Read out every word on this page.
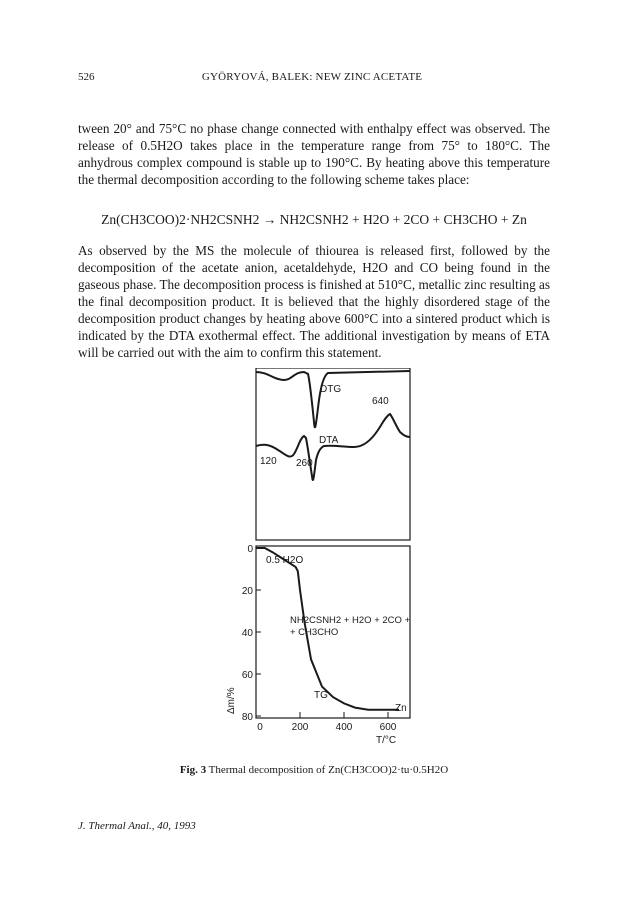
526	GYÖRYOVÁ, BALEK: NEW ZINC ACETATE

tween 20° and 75°C no phase change connected with enthalpy effect was observed. The release of 0.5H2O takes place in the temperature range from 75° to 180°C. The anhydrous complex compound is stable up to 190°C. By heating above this temperature the thermal decomposition according to the following scheme takes place:

Zn(CH3COO)2·NH2CSNH2 → NH2CSNH2 + H2O + 2CO + CH3CHO + Zn

As observed by the MS the molecule of thiourea is released first, followed by the decomposition of the acetate anion, acetaldehyde, H2O and CO being found in the gaseous phase. The decomposition process is finished at 510°C, metallic zinc resulting as the final decomposition product. It is believed that the highly disordered stage of the decomposition product changes by heating above 600°C into a sintered product which is indicated by the DTA exothermal effect. The additional investigation by means of ETA will be carried out with the aim to confirm this statement.

DTG
640
DTA
120 260
0
20
40
60
80
0	200	400	600
0.5 H2O
NH2CSNH2 + H2O + 2CO +
+ CH3CHO
TG
Zn
Δm/%
T/°C
Fig. 3 Thermal decomposition of Zn(CH3COO)2·tu·0.5H2O
J. Thermal Anal., 40, 1993
